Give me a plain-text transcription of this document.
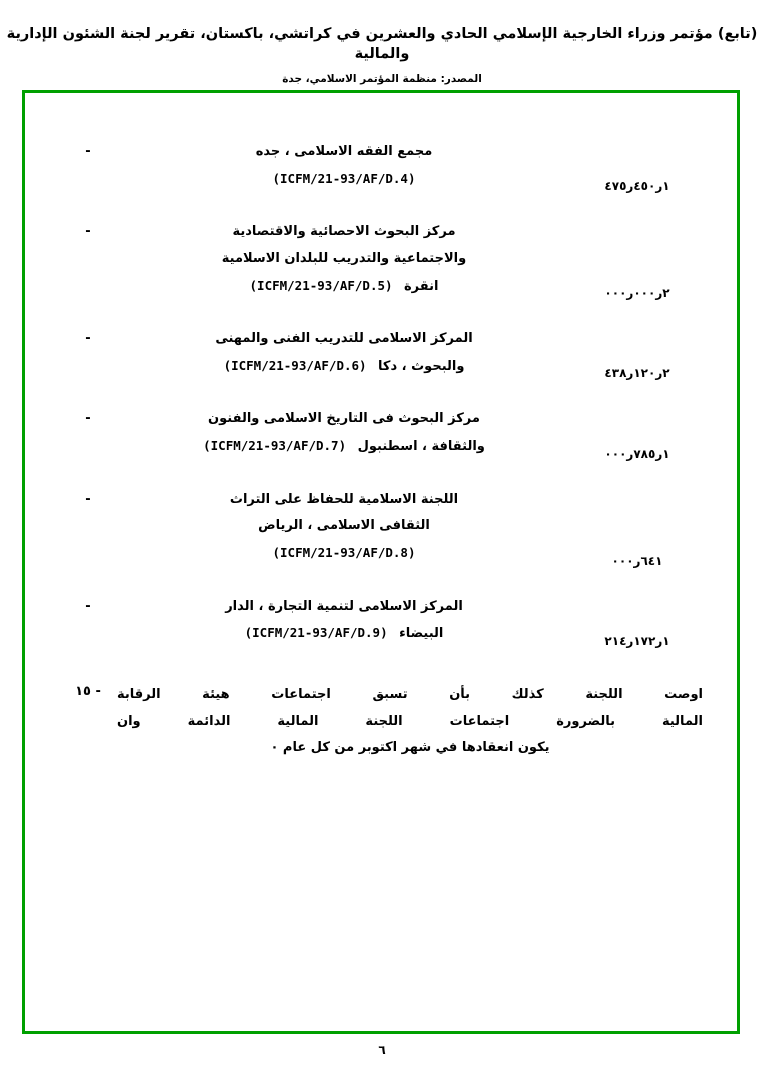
(تابع) مؤتمر وزراء الخارجية الإسلامي الحادي والعشرين في كراتشي، باكستان، تقرير لجنة الشئون الإدارية والمالية
المصدر: منظمة المؤتمر الاسلامي، جدة
١ر٤٥٠ر٤٧٥
مجمع الفقه الاسلامى ، جده
(ICFM/21-93/AF/D.4)
-
٢ر٠٠٠ر٠٠٠
مركز البحوث الاحصائية والاقتصادية
والاجتماعية والتدريب للبلدان الاسلامية
انقرة  (ICFM/21-93/AF/D.5)
-
٢ر١٢٠ر٤٣٨
المركز الاسلامى للتدريب الفنى والمهنى
والبحوث ، دكا  (ICFM/21-93/AF/D.6)
-
١ر٧٨٥ر٠٠٠
مركز البحوث فى التاريخ الاسلامى والفنون
والثقافة ، اسطنبول  (ICFM/21-93/AF/D.7)
-
٦٤١ر٠٠٠
اللجنة الاسلامية للحفاظ على التراث
الثقافى الاسلامى ، الرياض
(ICFM/21-93/AF/D.8)
-
١ر١٧٢ر٢١٤
المركز الاسلامى لتنمية التجارة ، الدار
البيضاء  (ICFM/21-93/AF/D.9)
-
اوصت اللجنة كذلك بأن تسبق اجتماعات هيئة الرقابة
المالية بالضرورة اجتماعات اللجنة المالية الدائمة وان
يكون انعقادها في شهر اكتوبر من كل عام ٠
- ١٥
٦
